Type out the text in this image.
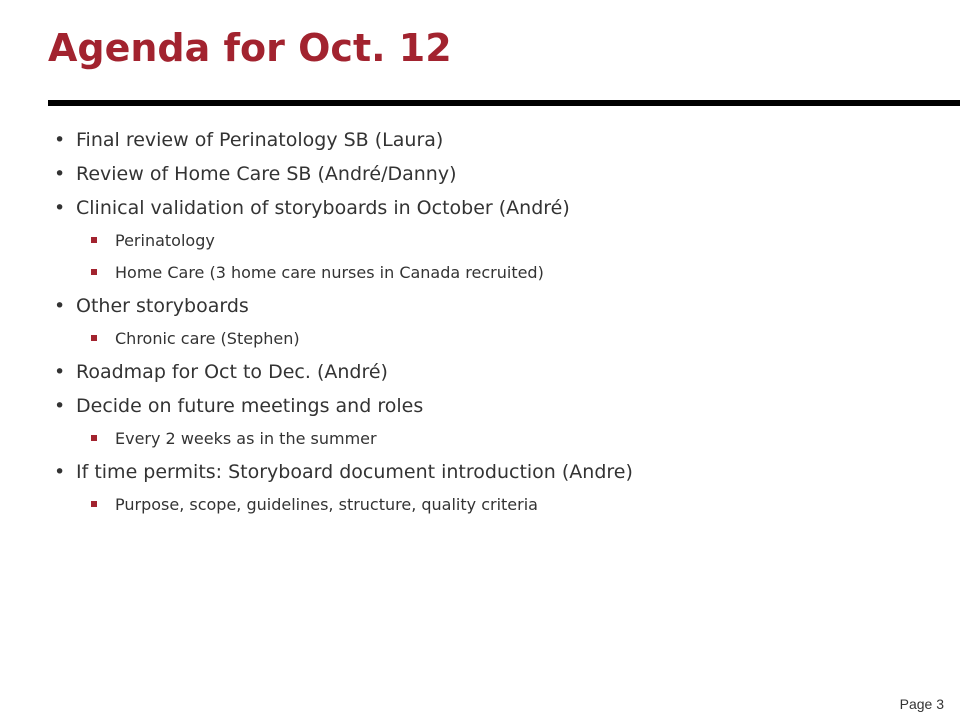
Agenda for Oct. 12
• Final review of Perinatology SB (Laura)
• Review of Home Care SB (André/Danny)
• Clinical validation of storyboards in October (André)
Perinatology
Home Care (3 home care nurses in Canada recruited)
• Other storyboards
Chronic care (Stephen)
• Roadmap for Oct to Dec. (André)
• Decide on future meetings and roles
Every 2 weeks as in the summer
• If time permits: Storyboard document introduction (Andre)
Purpose, scope, guidelines, structure, quality criteria
Page 3
